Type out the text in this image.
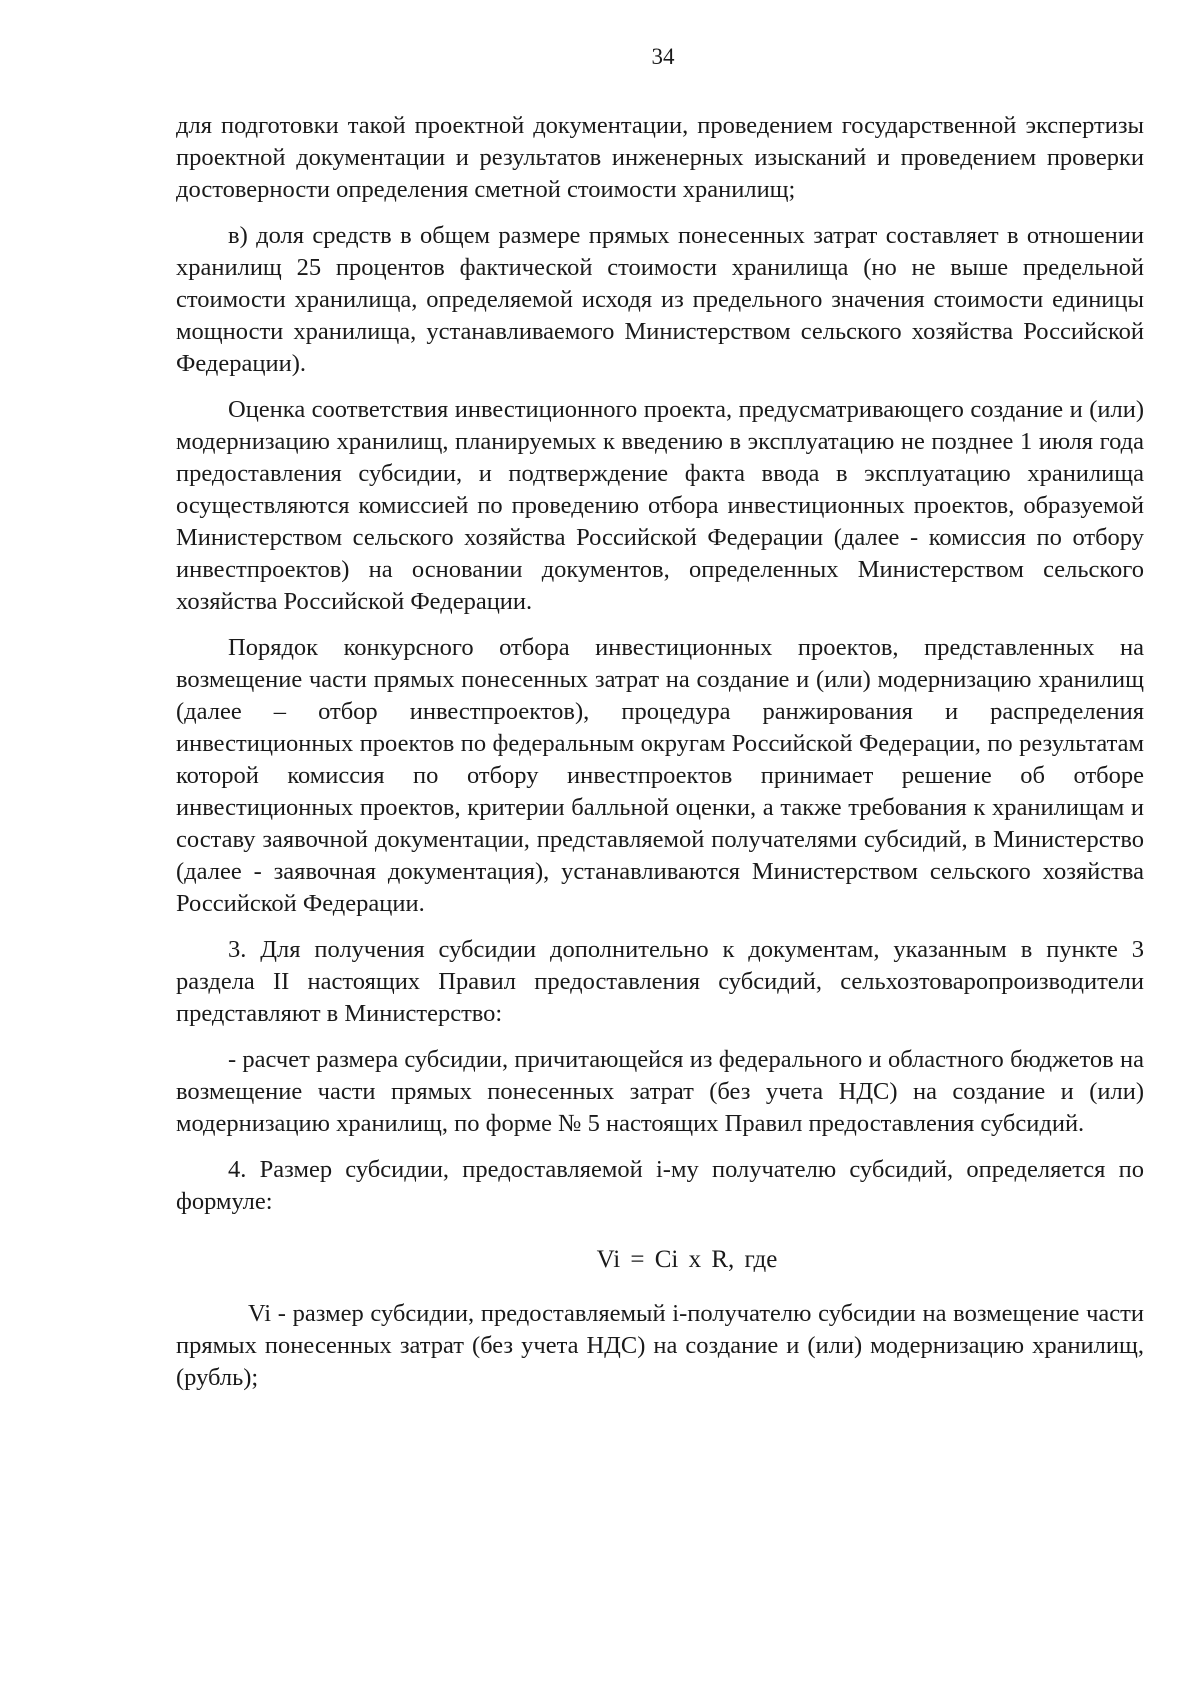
34

для подготовки такой проектной документации, проведением государственной экспертизы проектной документации и результатов инженерных изысканий и проведением проверки достоверности определения сметной стоимости хранилищ;

в) доля средств в общем размере прямых понесенных затрат составляет в отношении хранилищ 25 процентов фактической стоимости хранилища (но не выше предельной стоимости хранилища, определяемой исходя из предельного значения стоимости единицы мощности хранилища, устанавливаемого Министерством сельского хозяйства Российской Федерации).

Оценка соответствия инвестиционного проекта, предусматривающего создание и (или) модернизацию хранилищ, планируемых к введению в эксплуатацию не позднее 1 июля года предоставления субсидии, и подтверждение факта ввода в эксплуатацию хранилища осуществляются комиссией по проведению отбора инвестиционных проектов, образуемой Министерством сельского хозяйства Российской Федерации (далее - комиссия по отбору инвестпроектов) на основании документов, определенных Министерством сельского хозяйства Российской Федерации.

Порядок конкурсного отбора инвестиционных проектов, представленных на возмещение части прямых понесенных затрат на создание и (или) модернизацию хранилищ (далее – отбор инвестпроектов), процедура ранжирования и распределения инвестиционных проектов по федеральным округам Российской Федерации, по результатам которой комиссия по отбору инвестпроектов принимает решение об отборе инвестиционных проектов, критерии балльной оценки, а также требования к хранилищам и составу заявочной документации, представляемой получателями субсидий, в Министерство (далее - заявочная документация), устанавливаются Министерством сельского хозяйства Российской Федерации.

3. Для получения субсидии дополнительно к документам, указанным в пункте 3 раздела II настоящих Правил предоставления субсидий, сельхозтоваропроизводители представляют в Министерство:

- расчет размера субсидии, причитающейся из федерального и областного бюджетов на возмещение части прямых понесенных затрат (без учета НДС) на создание и (или) модернизацию хранилищ, по форме № 5 настоящих Правил предоставления субсидий.

4. Размер субсидии, предоставляемой i-му получателю субсидий, определяется по формуле:

Vi = Ci x R, где

Vi - размер субсидии, предоставляемый i-получателю субсидии на возмещение части прямых понесенных затрат (без учета НДС) на создание и (или) модернизацию хранилищ, (рубль);
